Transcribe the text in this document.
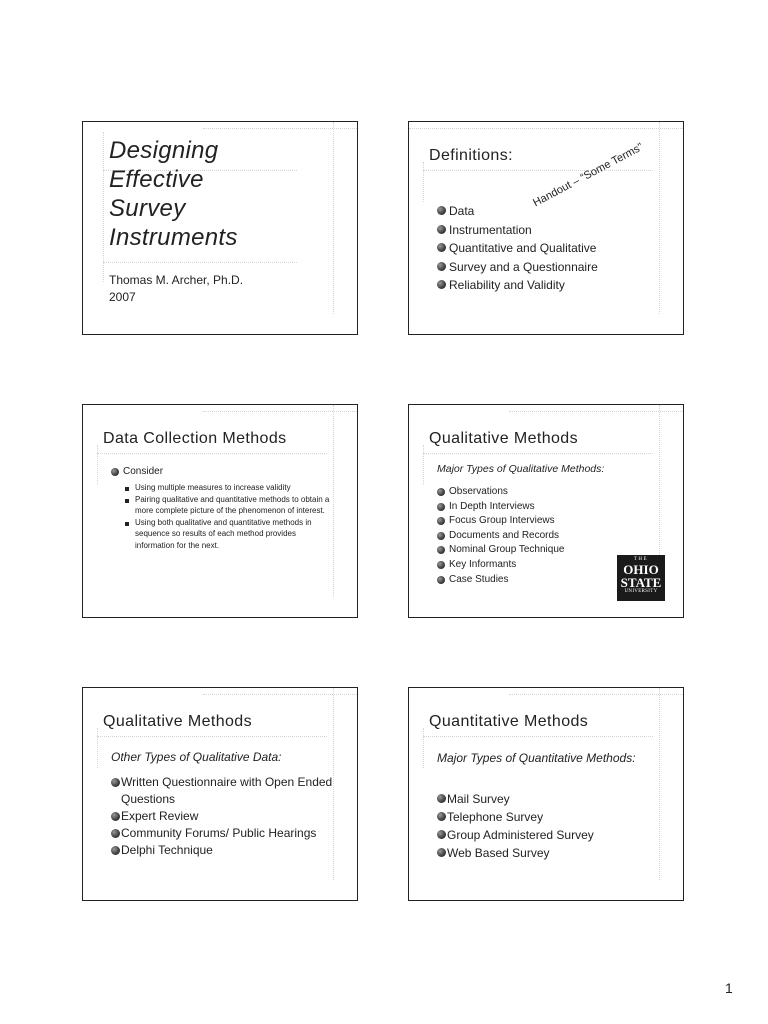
Designing
Effective
Survey
Instruments
Thomas M. Archer, Ph.D.
2007
Definitions: Handout – “Some Terms”
Data
Instrumentation
Quantitative and Qualitative
Survey and a Questionnaire
Reliability and Validity
Data Collection Methods
Consider
Using multiple measures to increase validity
Pairing qualitative and quantitative methods to obtain a more complete picture of the phenomenon of interest.
Using both qualitative and quantitative methods in sequence so results of each method provides information for the next.
Qualitative Methods
Major Types of Qualitative Methods:
Observations
In Depth Interviews
Focus Group Interviews
Documents and Records
Nominal Group Technique
Key Informants
Case Studies
THE
OHIO
STATE
UNIVERSITY
Qualitative Methods
Other Types of Qualitative Data:
Written Questionnaire with Open Ended Questions
Expert Review
Community Forums/ Public Hearings
Delphi Technique
Quantitative Methods
Major Types of Quantitative Methods:
Mail Survey
Telephone Survey
Group Administered Survey
Web Based Survey
1
